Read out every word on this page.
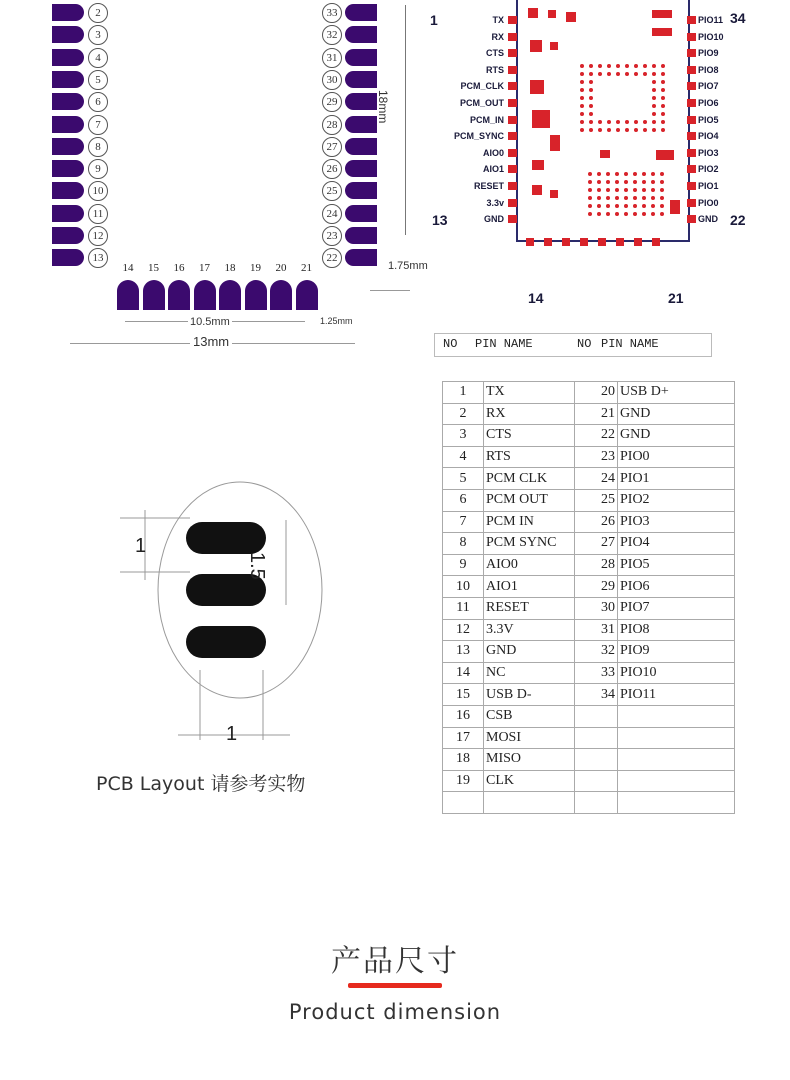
2
3
4
5
6
7
8
9
10
11
12
13
33
32
31
30
29
28
27
26
25
24
23
22
14	15	16	17	18	19	20	21
18mm
1.75mm
10.5mm	1.25mm
13mm
TX
RX
CTS
RTS
PCM_CLK
PCM_OUT
PCM_IN
PCM_SYNC
AIO0
AIO1
RESET
3.3v
GND
PIO11
PIO10
PIO9
PIO8
PIO7
PIO6
PIO5
PIO4
PIO3
PIO2
PIO1
PIO0
GND
1	34
13	22
14	21
NO PIN NAME	NO PIN NAME
1	TX	20	USB D+
2	RX	21	GND
3	CTS	22	GND
4	RTS	23	PIO0
5	PCM CLK	24	PIO1
6	PCM OUT	25	PIO2
7	PCM IN	26	PIO3
8	PCM SYNC	27	PIO4
9	AIO0	28	PIO5
10	AIO1	29	PIO6
11	RESET	30	PIO7
12	3.3V	31	PIO8
13	GND	32	PIO9
14	NC	33	PIO10
15	USB D-	34	PIO11
16	CSB		
17	MOSI		
18	MISO		
19	CLK		

1
1.5
1
PCB Layout 请参考实物
产品尺寸
Product dimension
